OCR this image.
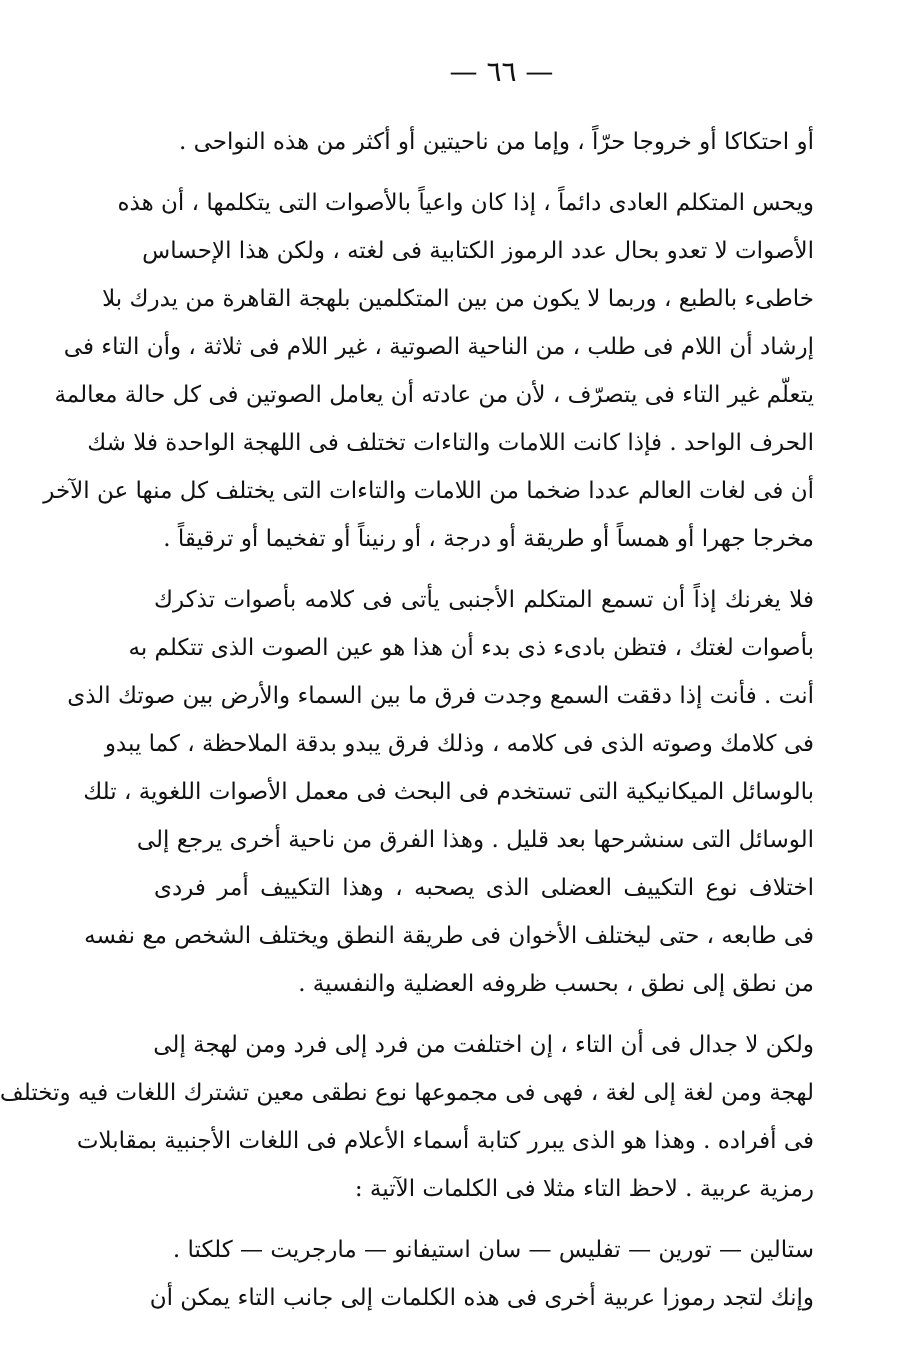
— ٦٦ —
أو احتكاكا أو خروجا حرّاً ، وإما من ناحيتين أو أكثر من هذه النواحى .
ويحس المتكلم العادى دائماً ، إذا كان واعياً بالأصوات التى يتكلمها ، أن هذه
الأصوات لا تعدو بحال عدد الرموز الكتابية فى لغته ، ولكن هذا الإحساس
خاطىء بالطبع ، وربما لا يكون من بين المتكلمين بلهجة القاهرة من يدرك بلا
إرشاد أن اللام فى طلب ، من الناحية الصوتية ، غير اللام فى ثلاثة ، وأن التاء فى
يتعلّم غير التاء فى يتصرّف ، لأن من عادته أن يعامل الصوتين فى كل حالة معالمة
الحرف الواحد . فإذا كانت اللامات والتاءات تختلف فى اللهجة الواحدة فلا شك
أن فى لغات العالم عددا ضخما من اللامات والتاءات التى يختلف كل منها عن الآخر
مخرجا جهرا أو همساً أو طريقة أو درجة ، أو رنيناً أو تفخيما أو ترقيقاً .
فلا يغرنك إذاً أن تسمع المتكلم الأجنبى يأتى فى كلامه بأصوات تذكرك
بأصوات لغتك ، فتظن بادىء ذى بدء أن هذا هو عين الصوت الذى تتكلم به
أنت . فأنت إذا دققت السمع وجدت فرق ما بين السماء والأرض بين صوتك الذى
فى كلامك وصوته الذى فى كلامه ، وذلك فرق يبدو بدقة الملاحظة ، كما يبدو
بالوسائل الميكانيكية التى تستخدم فى البحث فى معمل الأصوات اللغوية ، تلك
الوسائل التى سنشرحها بعد قليل . وهذا الفرق من ناحية أخرى يرجع إلى
اختلاف نوع التكييف العضلى الذى يصحبه ، وهذا التكييف أمر فردى
فى طابعه ، حتى ليختلف الأخوان فى طريقة النطق ويختلف الشخص مع نفسه
من نطق إلى نطق ، بحسب ظروفه العضلية والنفسية .
ولكن لا جدال فى أن التاء ، إن اختلفت من فرد إلى فرد ومن لهجة إلى
لهجة ومن لغة إلى لغة ، فهى فى مجموعها نوع نطقى معين تشترك اللغات فيه وتختلف
فى أفراده . وهذا هو الذى يبرر كتابة أسماء الأعلام فى اللغات الأجنبية بمقابلات
رمزية عربية . لاحظ التاء مثلا فى الكلمات الآتية :
ستالين — تورين — تفليس — سان استيفانو — مارجريت — كلكتا .
وإنك لتجد رموزا عربية أخرى فى هذه الكلمات إلى جانب التاء يمكن أن
